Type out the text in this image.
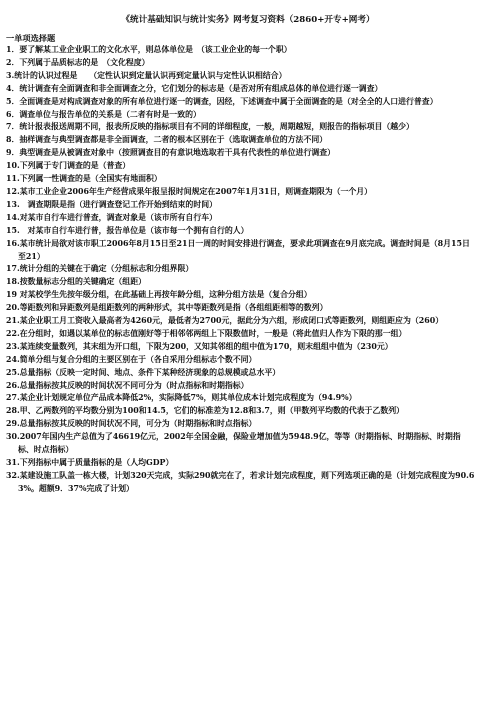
《统计基础知识与统计实务》网考复习资料（2860+开专+网考）
一单项选择题
1．要了解某工业企业职工的文化水平，则总体单位是　（该工业企业的每一个职）
2．下列属于品质标志的是　（文化程度）
3.统计的认识过程是　　（定性认识到定量认识再到定量认识与定性认识相结合）
4．统计调查有全面调查和非全面调查之分，它们划分的标志是（是否对所有组成总体的单位进行逐一调查）
5．全面调查是对构成调查对象的所有单位进行逐一的调查，因经，下述调查中属于全面调查的是（对全全的人口进行普查）
6．调查单位与报告单位的关系是（二者有时是一致的）
7．统计报表报送周期不同，报表所反映的指标项目有不同的详细程度，一般，周期越短，则报告的指标项目（越少）
8．抽样调查与典型调查都是非全面调查，二者的根本区别在于（选取调查单位的方法不同）
9．典型调查是从被调查对象中（按照调查目的有意识地选取若干具有代表性的单位进行调查）
10.下列属于专门调查的是（普查）
11.下列属一性调查的是（全国实有地面积）
12.某市工业企业2006年生产经营成果年报呈报时间规定在2007年1月31日，则调查期限为（一个月）
13.　调查期限是指（进行调查登记工作开始到结束的时间）
14.对某市自行车进行普查，调查对象是（该市所有自行车）
15.　对某市自行车进行普，报告单位是（该市每一个拥有自行的人）
16.某市统计局欲对该市职工2006年8月15日至21日一周的时间安排进行调查，要求此项调查在9月底完成。调查时间是（8月15日至21）
17.统计分组的关键在于确定（分组标志和分组界限）
18.按数量标志分组的关键确定（组距）
19 对某校学生先按年级分组，在此基础上再按年龄分组，这种分组方法是（复合分组）
20.等距数列和异距数列是组距数列的两种形式，其中等距数列是指（各组组距相等的数列）
21.某企业职工月工资收入最高者为4260元，最低者为2700元，据此分为六组，形成闭口式等距数列，则组距应为（260）
22.在分组时，如遇以某单位的标志值刚好等于相邻邻两组上下限数值时，一般是（将此值归人作为下限的那一组）
23.某连续变量数列，其末组为开口组，下限为200，又知其邻组的组中值为170，则末组组中值为（230元）
24.简单分组与复合分组的主要区别在于（各自采用分组标志个数不同）
25.总量指标（反映一定时间、地点、条件下某种经济现象的总规模或总水平）
26.总量指标按其反映的时间状况不同可分为（时点指标和时期指标）
27.某企业计划规定单位产品成本降低2%，实际降低7%，则其单位成本计划完成程度为（94.9%）
28.甲、乙两数列的平均数分别为100和14.5，它们的标准差为12.8和3.7，则（甲数列平均数的代表于乙数列）
29.总量指标按其反映的时间状况不同，可分为（时期指标和时点指标）
30.2007年国内生产总值为了46619亿元，2002年全国金融，保险业增加值为5948.9亿，等等（时期指标、时期指标、时期指标、时点指标）
31.下列指标中属于质量指标的是（人均GDP）
32.某建设施工队盖一栋大楼，计划320天完成，实际290就完在了，若求计划完成程度，则下列选项正确的是（计划完成程度为90.63%。超额9．37%完成了计划）
